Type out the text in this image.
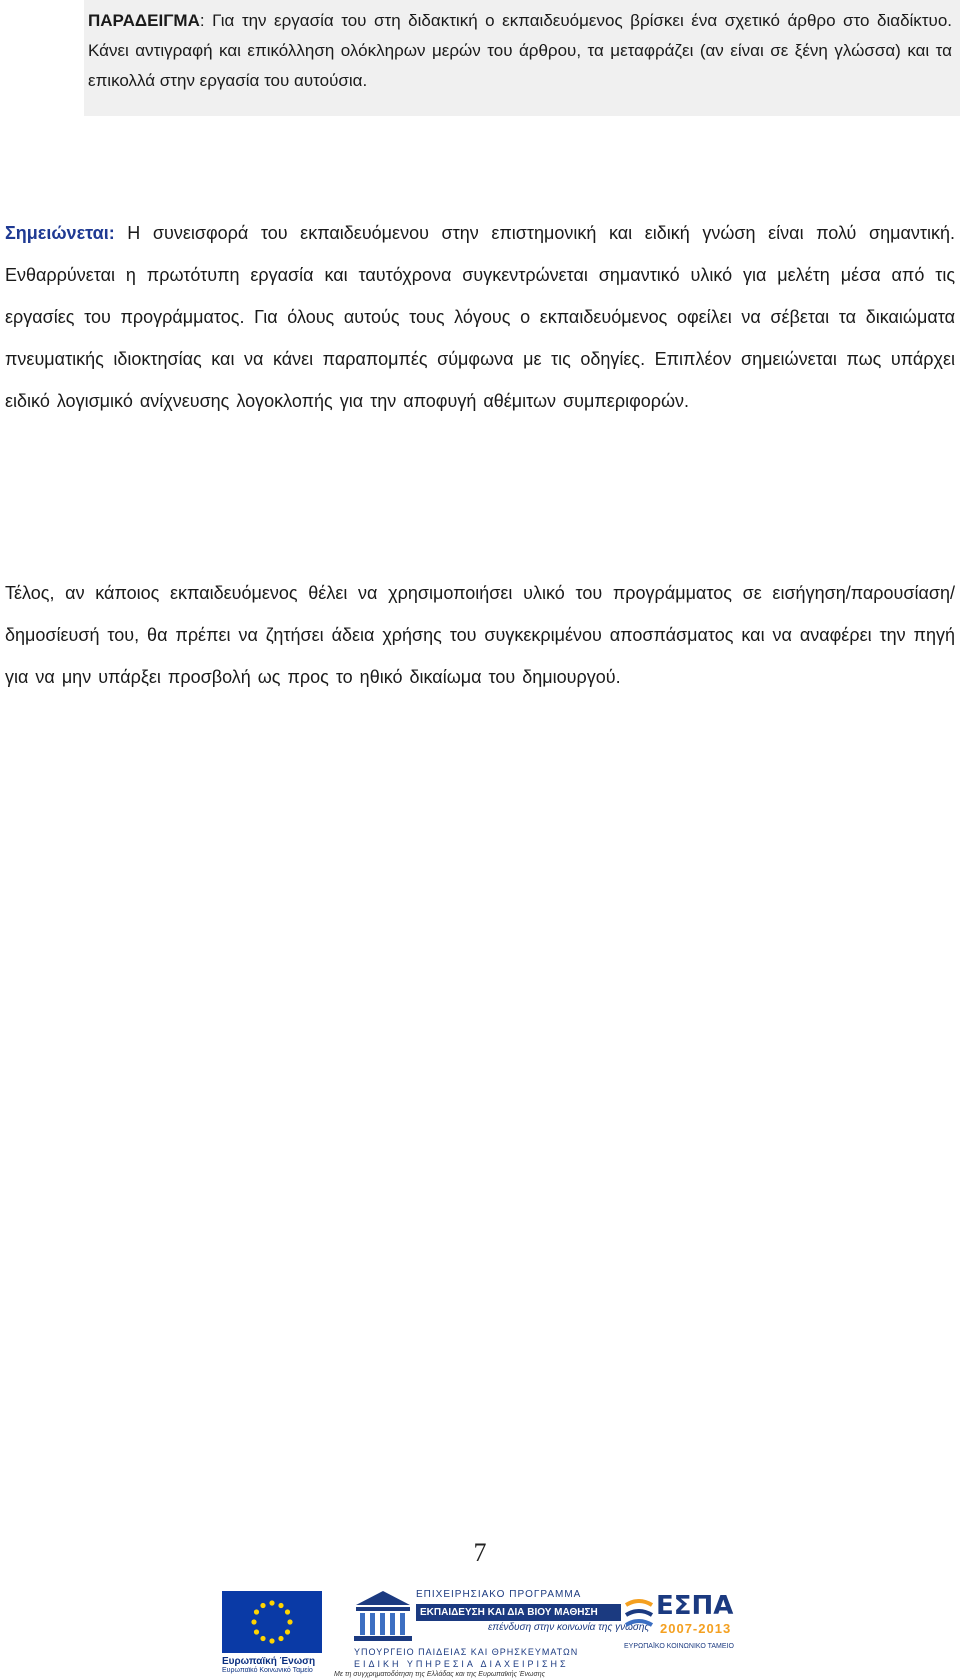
ΠΑΡΑΔΕΙΓΜΑ: Για την εργασία του στη διδακτική ο εκπαιδευόμενος βρίσκει ένα σχετικό άρθρο στο διαδίκτυο. Κάνει αντιγραφή και επικόλληση ολόκληρων μερών του άρθρου, τα μεταφράζει (αν είναι σε ξένη γλώσσα) και τα επικολλά στην εργασία του αυτούσια.

Σημειώνεται: Η συνεισφορά του εκπαιδευόμενου στην επιστημονική και ειδική γνώση είναι πολύ σημαντική. Ενθαρρύνεται η πρωτότυπη εργασία και ταυτόχρονα συγκεντρώνεται σημαντικό υλικό για μελέτη μέσα από τις εργασίες του προγράμματος. Για όλους αυτούς τους λόγους ο εκπαιδευόμενος οφείλει να σέβεται τα δικαιώματα πνευματικής ιδιοκτησίας και να κάνει παραπομπές σύμφωνα με τις οδηγίες. Επιπλέον σημειώνεται πως υπάρχει ειδικό λογισμικό ανίχνευσης λογοκλοπής για την αποφυγή αθέμιτων συμπεριφορών.

Τέλος, αν κάποιος εκπαιδευόμενος θέλει να χρησιμοποιήσει υλικό του προγράμματος σε εισήγηση/παρουσίαση/δημοσίευσή του, θα πρέπει να ζητήσει άδεια χρήσης του συγκεκριμένου αποσπάσματος και να αναφέρει την πηγή για να μην υπάρξει προσβολή ως προς το ηθικό δικαίωμα του δημιουργού.

7
Ευρωπαϊκή Ένωση
Ευρωπαϊκό Κοινωνικό Ταμείο
ΕΠΙΧΕΙΡΗΣΙΑΚΟ ΠΡΟΓΡΑΜΜΑ
ΕΚΠΑΙΔΕΥΣΗ ΚΑΙ ΔΙΑ ΒΙΟΥ ΜΑΘΗΣΗ
επένδυση στην κοινωνία της γνώσης
ΥΠΟΥΡΓΕΙΟ ΠΑΙΔΕΙΑΣ ΚΑΙ ΘΡΗΣΚΕΥΜΑΤΩΝ
ΕΙΔΙΚΗ ΥΠΗΡΕΣΙΑ ΔΙΑΧΕΙΡΙΣΗΣ
Με τη συγχρηματοδότηση της Ελλάδας και της Ευρωπαϊκής Ένωσης
ΕΣΠΑ
2007-2013
ΕΥΡΩΠΑΪΚΟ ΚΟΙΝΩΝΙΚΟ ΤΑΜΕΙΟ
